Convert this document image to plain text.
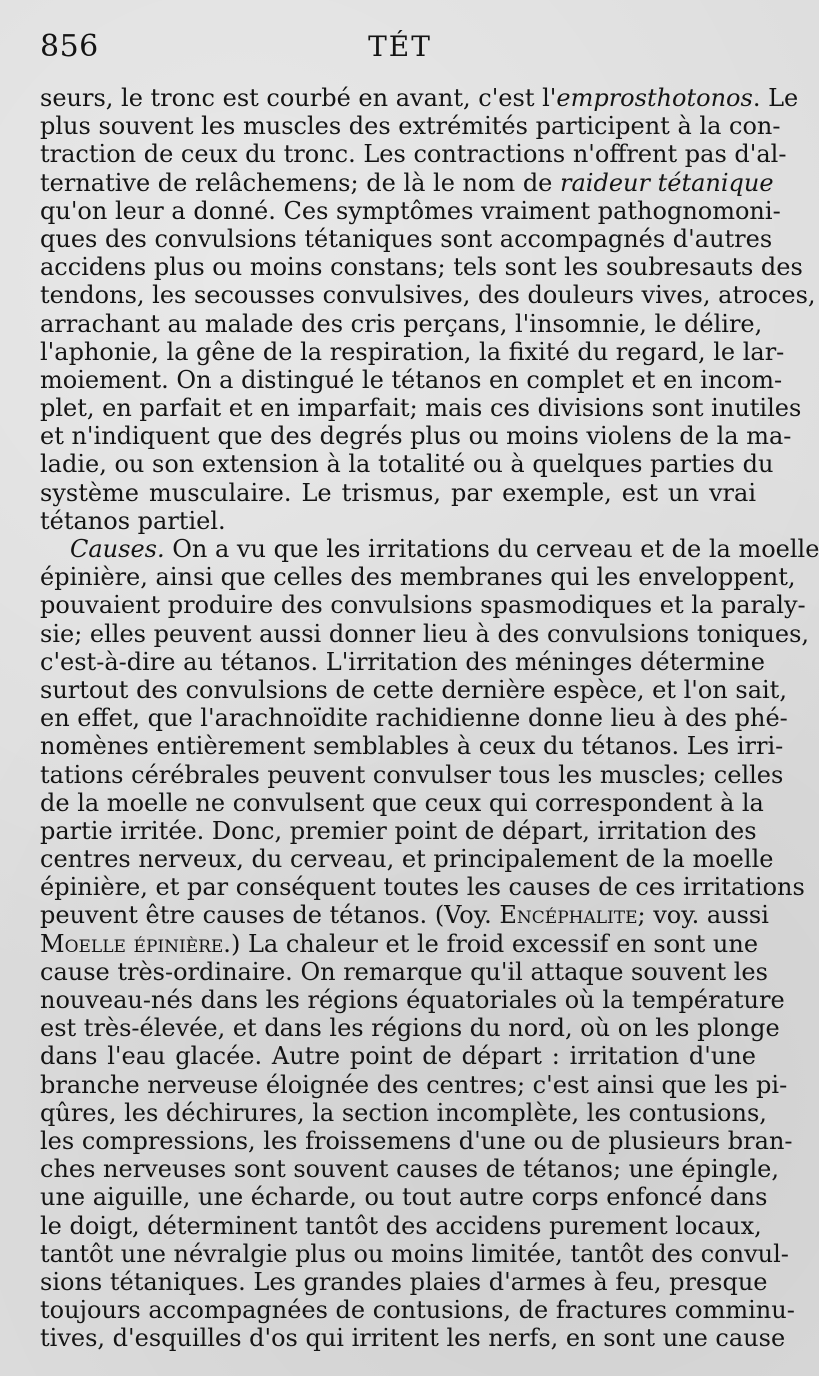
856	TÉT
seurs, le tronc est courbé en avant, c'est l'emprosthotonos. Le
plus souvent les muscles des extrémités participent à la con-
traction de ceux du tronc. Les contractions n'offrent pas d'al-
ternative de relâchemens; de là le nom de raideur tétanique
qu'on leur a donné. Ces symptômes vraiment pathognomoni-
ques des convulsions tétaniques sont accompagnés d'autres
accidens plus ou moins constans; tels sont les soubresauts des
tendons, les secousses convulsives, des douleurs vives, atroces,
arrachant au malade des cris perçans, l'insomnie, le délire,
l'aphonie, la gêne de la respiration, la fixité du regard, le lar-
moiement. On a distingué le tétanos en complet et en incom-
plet, en parfait et en imparfait; mais ces divisions sont inutiles
et n'indiquent que des degrés plus ou moins violens de la ma-
ladie, ou son extension à la totalité ou à quelques parties du
système musculaire. Le trismus, par exemple, est un vrai
tétanos partiel.
Causes. On a vu que les irritations du cerveau et de la moelle
épinière, ainsi que celles des membranes qui les enveloppent,
pouvaient produire des convulsions spasmodiques et la paraly-
sie; elles peuvent aussi donner lieu à des convulsions toniques,
c'est-à-dire au tétanos. L'irritation des méninges détermine
surtout des convulsions de cette dernière espèce, et l'on sait,
en effet, que l'arachnoïdite rachidienne donne lieu à des phé-
nomènes entièrement semblables à ceux du tétanos. Les irri-
tations cérébrales peuvent convulser tous les muscles; celles
de la moelle ne convulsent que ceux qui correspondent à la
partie irritée. Donc, premier point de départ, irritation des
centres nerveux, du cerveau, et principalement de la moelle
épinière, et par conséquent toutes les causes de ces irritations
peuvent être causes de tétanos. (Voy. Encéphalite; voy. aussi
Moelle épinière.) La chaleur et le froid excessif en sont une
cause très-ordinaire. On remarque qu'il attaque souvent les
nouveau-nés dans les régions équatoriales où la température
est très-élevée, et dans les régions du nord, où on les plonge
dans l'eau glacée. Autre point de départ : irritation d'une
branche nerveuse éloignée des centres; c'est ainsi que les pi-
qûres, les déchirures, la section incomplète, les contusions,
les compressions, les froissemens d'une ou de plusieurs bran-
ches nerveuses sont souvent causes de tétanos; une épingle,
une aiguille, une écharde, ou tout autre corps enfoncé dans
le doigt, déterminent tantôt des accidens purement locaux,
tantôt une névralgie plus ou moins limitée, tantôt des convul-
sions tétaniques. Les grandes plaies d'armes à feu, presque
toujours accompagnées de contusions, de fractures comminu-
tives, d'esquilles d'os qui irritent les nerfs, en sont une cause
